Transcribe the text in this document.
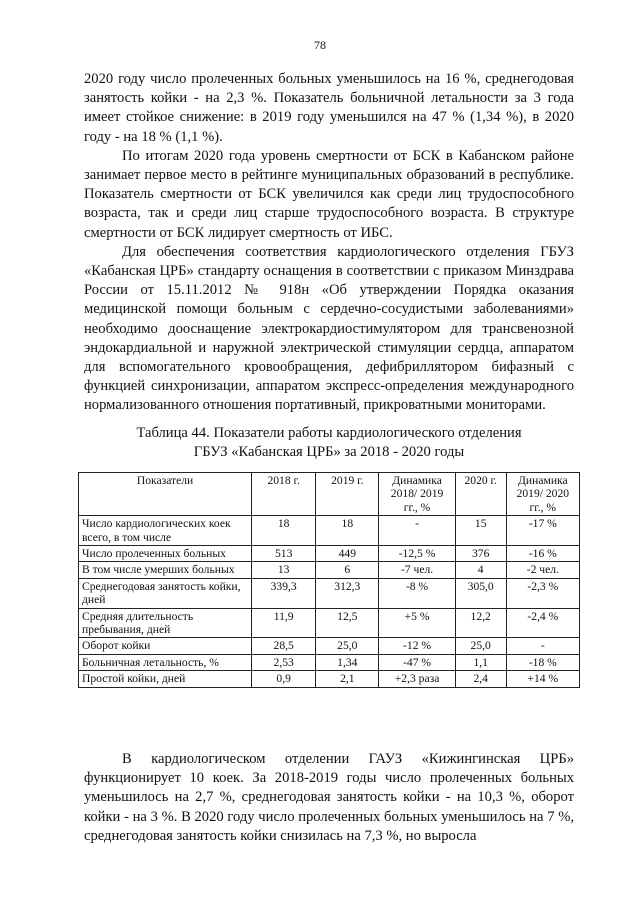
78

2020 году число пролеченных больных уменьшилось на 16 %, среднегодовая занятость койки - на 2,3 %. Показатель больничной летальности за 3 года имеет стойкое снижение: в 2019 году уменьшился на 47 % (1,34 %), в 2020 году - на 18 % (1,1 %).

По итогам 2020 года уровень смертности от БСК в Кабанском районе занимает первое место в рейтинге муниципальных образований в республике. Показатель смертности от БСК увеличился как среди лиц трудоспособного возраста, так и среди лиц старше трудоспособного возраста. В структуре смертности от БСК лидирует смертность от ИБС.

Для обеспечения соответствия кардиологического отделения ГБУЗ «Кабанская ЦРБ» стандарту оснащения в соответствии с приказом Минздрава России от 15.11.2012 № 918н «Об утверждении Порядка оказания медицинской помощи больным с сердечно-сосудистыми заболеваниями» необходимо дооснащение электрокардиостимулятором для трансвенозной эндокардиальной и наружной электрической стимуляции сердца, аппаратом для вспомогательного кровообращения, дефибриллятором бифазный с функцией синхронизации, аппаратом экспресс-определения международного нормализованного отношения портативный, прикроватными мониторами.

Таблица 44. Показатели работы кардиологического отделения
ГБУЗ «Кабанская ЦРБ» за 2018 - 2020 годы
Показатели	2018 г.	2019 г.	Динамика 2018/ 2019 гг., %	2020 г.	Динамика 2019/ 2020 гг., %
Число кардиологических коек всего, в том числе	18	18	-	15	-17 %
Число пролеченных больных	513	449	-12,5 %	376	-16 %
В том числе умерших больных	13	6	-7 чел.	4	-2 чел.
Среднегодовая занятость койки, дней	339,3	312,3	-8 %	305,0	-2,3 %
Средняя длительность пребывания, дней	11,9	12,5	+5 %	12,2	-2,4 %
Оборот койки	28,5	25,0	-12 %	25,0	-
Больничная летальность, %	2,53	1,34	-47 %	1,1	-18 %
Простой койки, дней	0,9	2,1	+2,3 раза	2,4	+14 %

В кардиологическом отделении ГАУЗ «Кижингинская ЦРБ» функционирует 10 коек. За 2018-2019 годы число пролеченных больных уменьшилось на 2,7 %, среднегодовая занятость койки - на 10,3 %, оборот койки - на 3 %. В 2020 году число пролеченных больных уменьшилось на 7 %, среднегодовая занятость койки снизилась на 7,3 %, но выросла
